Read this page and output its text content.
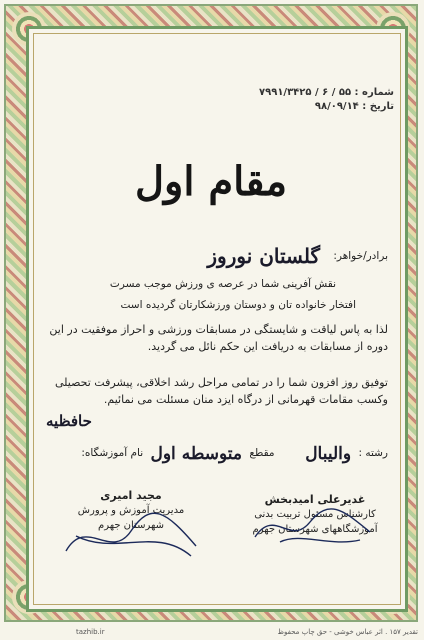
شماره : ۵۵ / ۶ / ۷۹۹۱/۳۴۲۵
تاریخ : ۹۸/۰۹/۱۴
مقام اول
برادر/خواهر: گلستان نوروز
نقش آفرینی شما در عرصه ی ورزش موجب مسرت
افتخار خانواده تان و دوستان ورزشکارتان گردیده است
لذا به پاس لیاقت و شایستگی در مسابقات ورزشی و احراز موفقیت در این دوره از مسابقات به دریافت این حکم نائل می گردید.
توفیق روز افزون شما را در تمامی مراحل رشد اخلاقی، پیشرفت تحصیلی وکسب مقامات قهرمانی از درگاه ایزد منان مسئلت می نمائیم.
حافظیه
رشته : والیبال  مقطع متوسطه اول نام آموزشگاه:
غدیرعلی امیدبخش
کارشناس مسئول تربیت بدنی
آموزشگاههای شهرستان جهرم
مجید امیری
مدیریت آموزش و پرورش
شهرستان جهرم
تقدیر ۱۵۷ . اثر عباس خوشی - حق چاپ محفوظ
tazhib.ir
